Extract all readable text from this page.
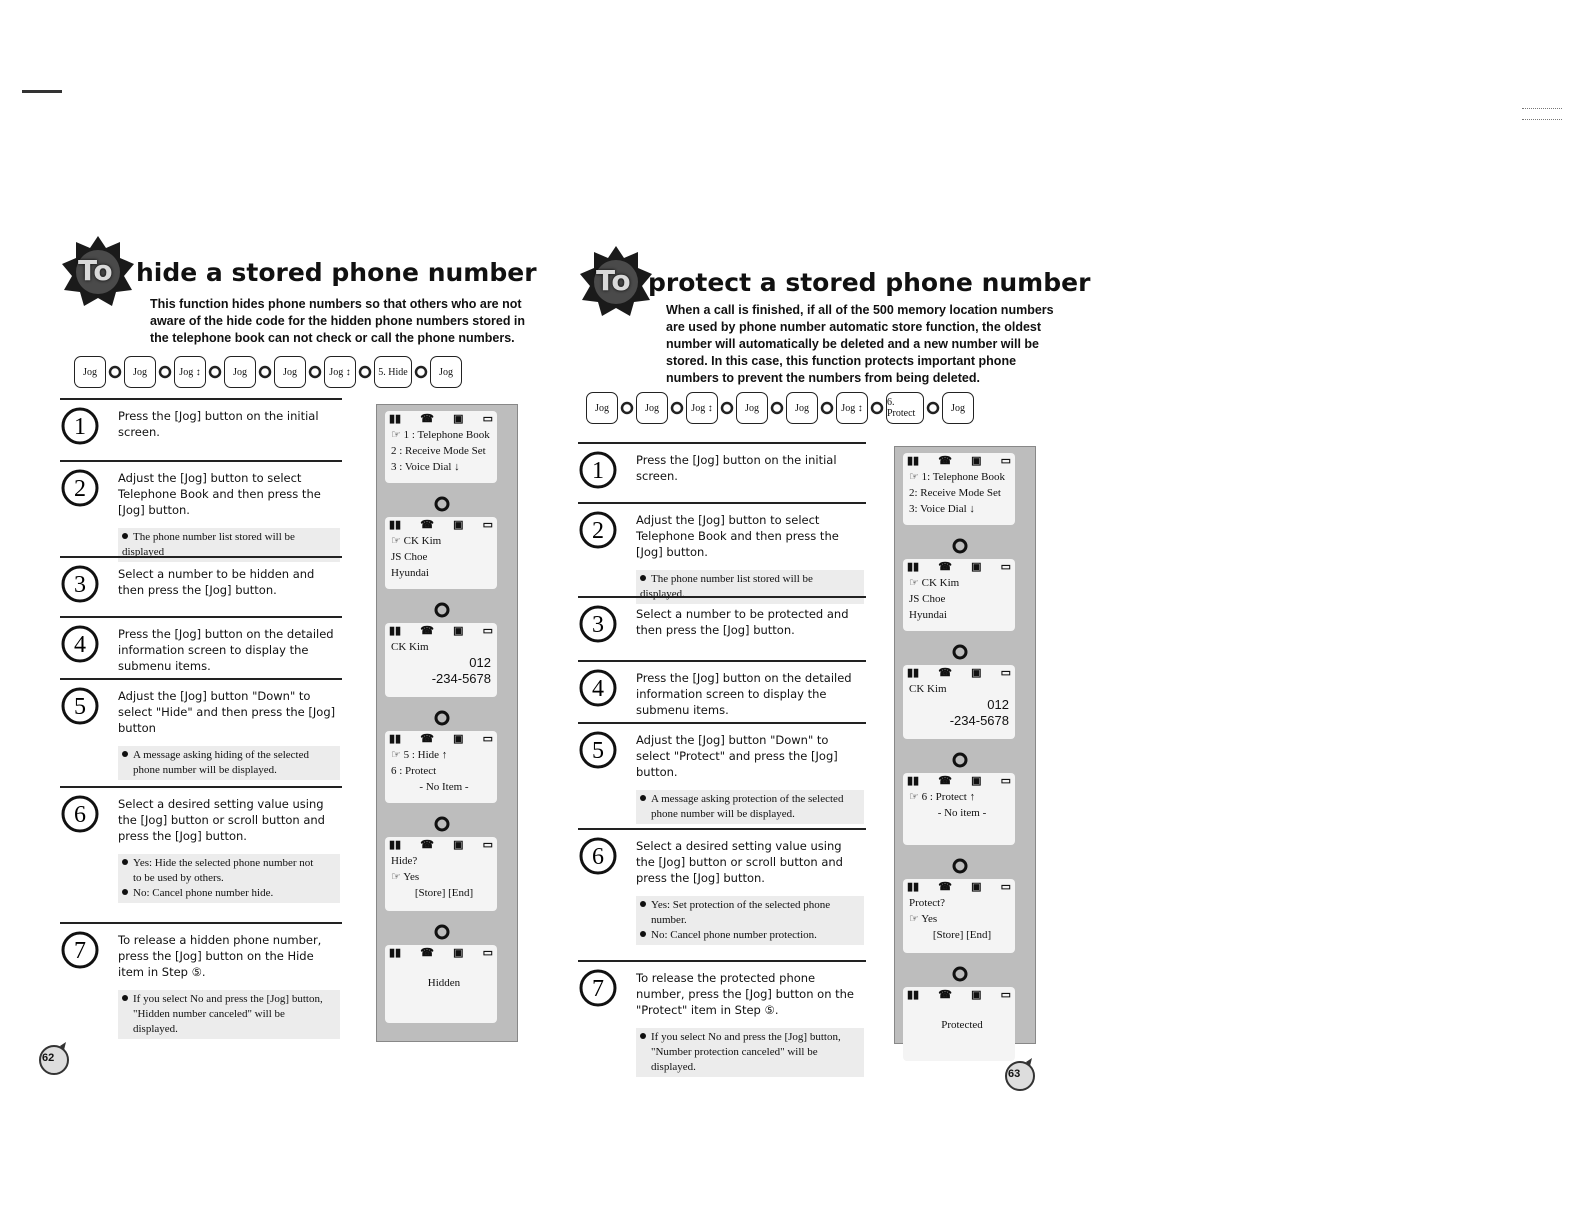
To hide a stored phone number
This function hides phone numbers so that others who are not
aware of the hide code for the hidden phone numbers stored in
the telephone book can not check or call the phone numbers.
Jog	Jog	Jog ↕	Jog	Jog	Jog ↕	5. Hide	Jog
▮▮ ☎ ▣ ▭
☞ 1 : Telephone Book
2 : Receive Mode Set
3 : Voice Dial ↓
▮▮ ☎ ▣ ▭
☞ CK Kim
JS Choe
Hyundai
▮▮ ☎ ▣ ▭
CK Kim
012
-234-5678
▮▮ ☎ ▣ ▭
☞ 5 : Hide ↑
6 : Protect
- No Item -
▮▮ ☎ ▣ ▭
Hide?
☞ Yes
[Store] [End]
▮▮ ☎ ▣ ▭
Hidden
62
1	Press the [Jog] button on the initial
screen.
2	Adjust the [Jog] button to select
Telephone Book and then press the
[Jog] button.
The phone number list stored will be displayed
3	Select a number to be hidden and
then press the [Jog] button.
4	Press the [Jog] button on the detailed
information screen to display the
submenu items.
5	Adjust the [Jog] button "Down" to
select "Hide" and then press the [Jog]
button
A message asking hiding of the selected
phone number will be displayed.
6	Select a desired setting value using
the [Jog] button or scroll button and
press the [Jog] button.
Yes: Hide the selected phone number not
to be used by others.
No: Cancel phone number hide.
7	To release a hidden phone number,
press the [Jog] button on the Hide
item in Step ⑤.
If you select No and press the [Jog] button,
"Hidden number canceled" will be
displayed.
To protect a stored phone number
When a call is finished, if all of the 500 memory location numbers
are used by phone number automatic store function, the oldest
number will automatically be deleted and a new number will be
stored. In this case, this function protects important phone
numbers to prevent the numbers from being deleted.
Jog	Jog	Jog ↕	Jog	Jog	Jog ↕	6. Protect	Jog
▮▮ ☎ ▣ ▭
☞ 1: Telephone Book
2: Receive Mode Set
3: Voice Dial ↓
▮▮ ☎ ▣ ▭
☞ CK Kim
JS Choe
Hyundai
▮▮ ☎ ▣ ▭
CK Kim
012
-234-5678
▮▮ ☎ ▣ ▭
☞ 6 : Protect ↑
- No item -
▮▮ ☎ ▣ ▭
Protect?
☞ Yes
[Store] [End]
▮▮ ☎ ▣ ▭
Protected
63
1	Press the [Jog] button on the initial
screen.
2	Adjust the [Jog] button to select
Telephone Book and then press the
[Jog] button.
The phone number list stored will be displayed.
3	Select a number to be protected and
then press the [Jog] button.
4	Press the [Jog] button on the detailed
information screen to display the
submenu items.
5	Adjust the [Jog] button "Down" to
select "Protect" and press the [Jog]
button.
A message asking protection of the selected
phone number will be displayed.
6	Select a desired setting value using
the [Jog] button or scroll button and
press the [Jog] button.
Yes: Set protection of the selected phone
number.
No: Cancel phone number protection.
7	To release the protected phone
number, press the [Jog] button on the
"Protect" item in Step ⑤.
If you select No and press the [Jog] button,
"Number protection canceled" will be
displayed.
